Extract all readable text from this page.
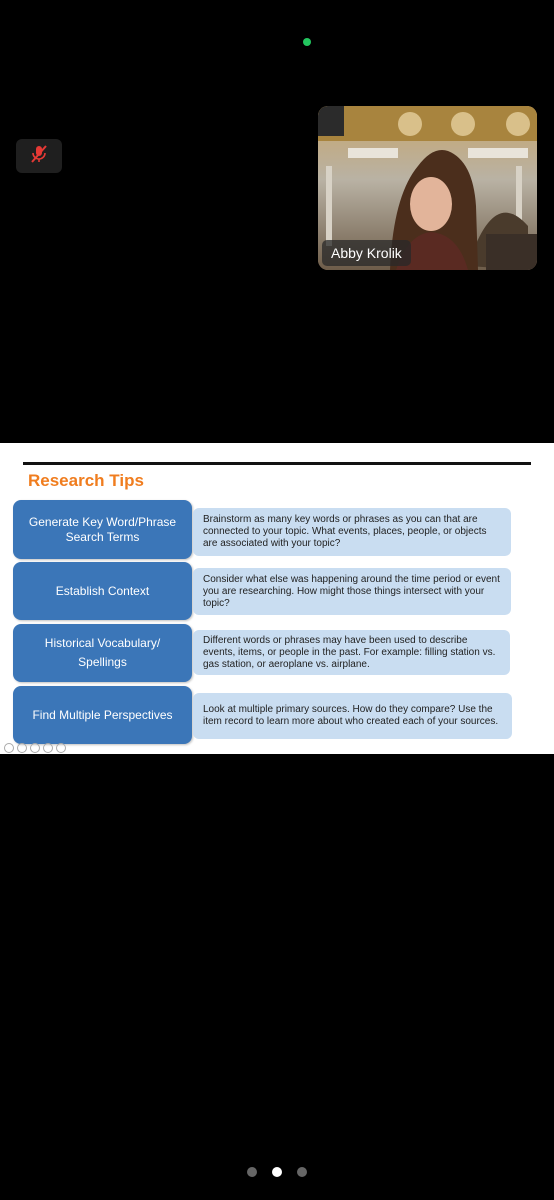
Abby Krolik
Research Tips
Generate Key Word/Phrase Search Terms
Brainstorm as many key words or phrases as you can that are connected to your topic. What events, places, people, or objects are associated with your topic?
Establish Context
Consider what else was happening around the time period or event you are researching. How might those things intersect with your topic?
Historical Vocabulary/ Spellings
Different words or phrases may have been used to describe events, items, or people in the past. For example: filling station vs. gas station, or aeroplane vs. airplane.
Find Multiple Perspectives	Look at multiple primary sources. How do they compare? Use the item record to learn more about who created each of your sources.
